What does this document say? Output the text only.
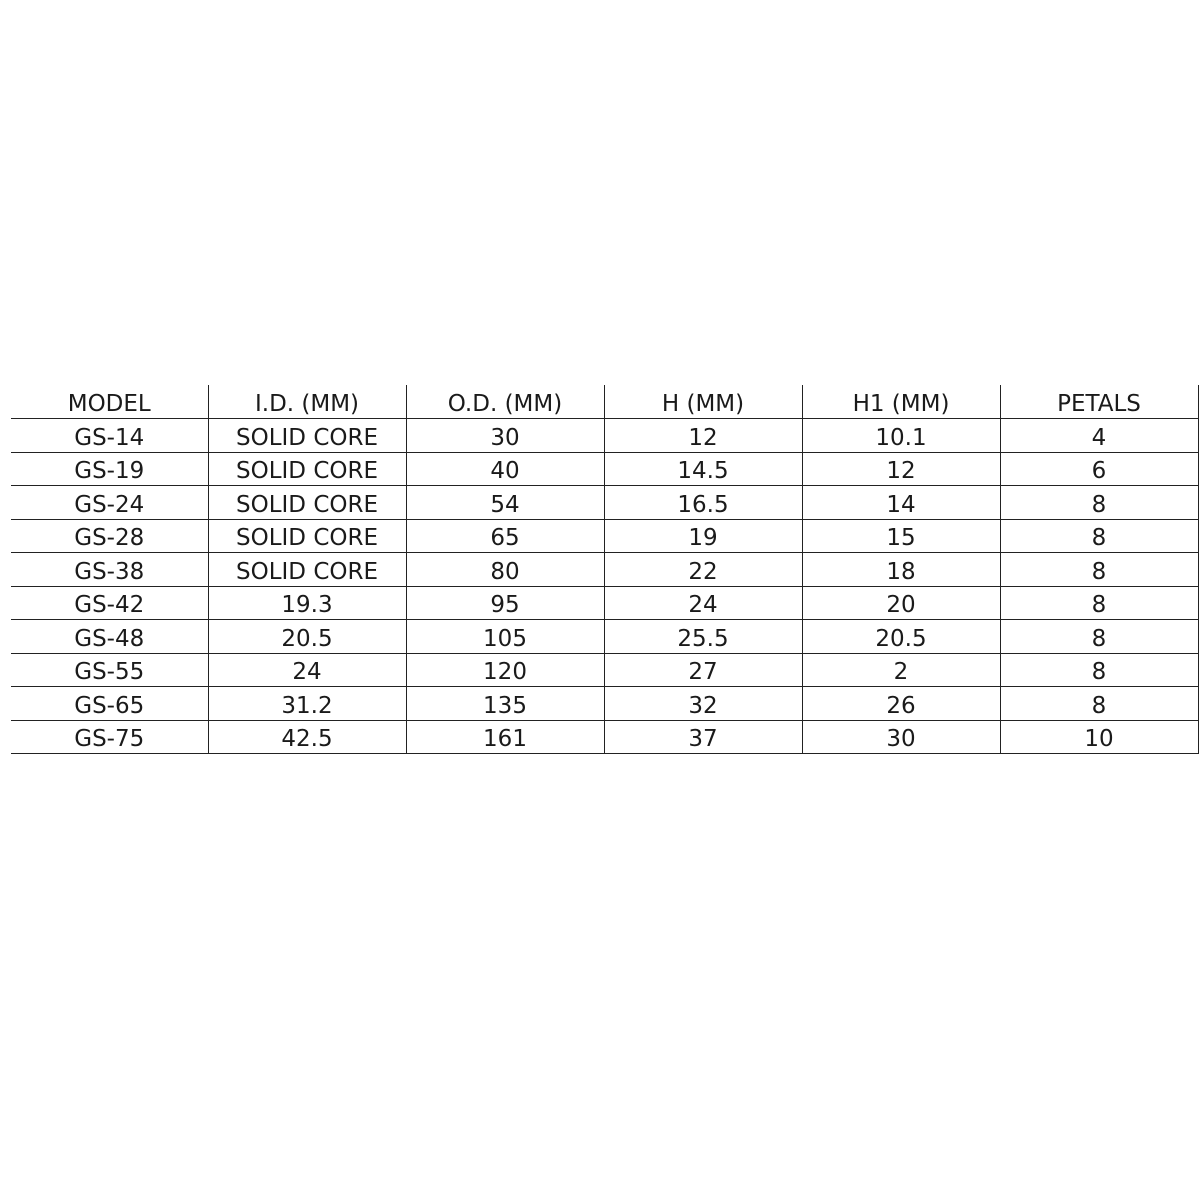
MODEL	I.D. (MM)	O.D. (MM)	H (MM)	H1 (MM)	PETALS
GS-14	SOLID CORE	30	12	10.1	4
GS-19	SOLID CORE	40	14.5	12	6
GS-24	SOLID CORE	54	16.5	14	8
GS-28	SOLID CORE	65	19	15	8
GS-38	SOLID CORE	80	22	18	8
GS-42	19.3	95	24	20	8
GS-48	20.5	105	25.5	20.5	8
GS-55	24	120	27	2	8
GS-65	31.2	135	32	26	8
GS-75	42.5	161	37	30	10
